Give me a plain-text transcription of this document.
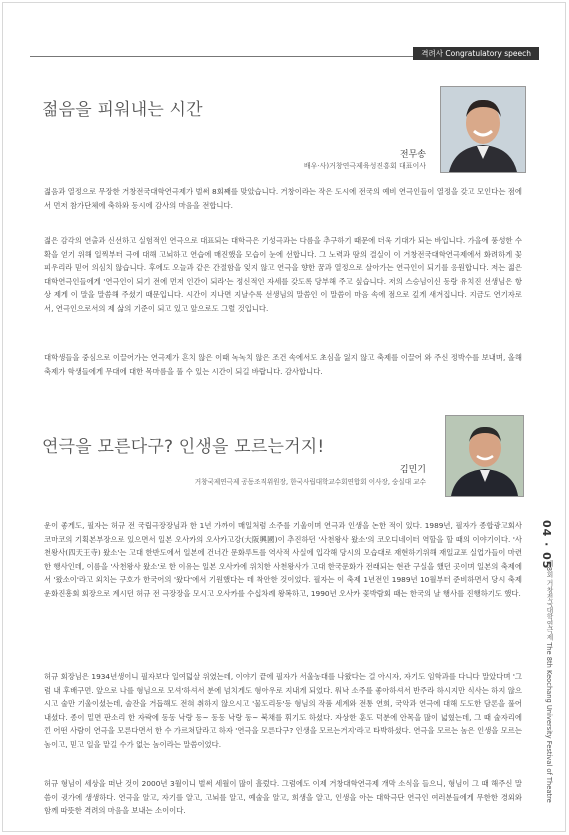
격려사 Congratulatory speech
젊음을 피워내는 시간
전무송
배우·사)거창연극제육성진흥회 대표이사

젊음과 열정으로 무장한 거창전국대학연극제가 벌써 8회째를 맞았습니다. 거창이라는 작은 도시에 전국의 예비 연극인들이 열정을 갖고 모인다는 점에서 먼저 참가단체에 축하와 동시에 감사의 마음을 전합니다.

젊은 감각의 연출과 신선하고 실험적인 연극으로 대표되는 대학극은 기성극과는 다름을 추구하기 때문에 더욱 기대가 되는 바입니다. 가을에 풍성한 수확을 얻기 위해 일찍부터 극에 대해 고뇌하고 연습에 매진했을 모습이 눈에 선합니다. 그 노력과 땀의 결실이 이 거창전국대학연극제에서 화려하게 꽃피우리라 믿어 의심치 않습니다. 후에도 오늘과 같은 간절함을 잊지 않고 연극을 향한 꿈과 열정으로 살아가는 연극인이 되기를 응원합니다. 저는 젊은 대학연극인들에게 '연극인이 되기 전에 먼저 인간이 되라'는 정신적인 자세를 갖도록 당부해 주고 싶습니다. 저의 스승님이신 동랑 유치진 선생님은 항상 제게 이 말을 말씀해 주셨기 때문입니다. 시간이 지나면 지날수록 선생님의 말씀인 이 말씀이 마음 속에 점으로 깊게 새겨집니다. 지금도 연기자로서, 연극인으로서의 제 삶의 기준이 되고 있고 앞으로도 그럴 것입니다.

대학생들을 중심으로 이끌어가는 연극제가 흔치 않은 이때 녹녹치 않은 조건 속에서도 초심을 잃지 않고 축제를 이끌어 와 주신 정박수를 보내며, 올해 축제가 학생들에게 무대에 대한 목마름을 풀 수 있는 시간이 되길 바랍니다. 감사합니다.

연극을 모른다구? 인생을 모르는거지!
김민기
거창국제연극제 공동조직위원장, 한국사립대학교수회연합회 이사장, 숭실대 교수

운이 좋게도, 필자는 허규 전 국립극장장님과 한 1년 가까이 매일처럼 소주를 기울이며 연극과 인생을 논한 적이 있다. 1989년, 필자가 종합광고회사 코마코의 기획본부장으로 있으면서 일본 오사카의 오사카고강(大阪興國)이 추진하던 '사천왕사 왔소'의 코오디네이터 역할을 할 때의 이야기이다. '사천왕사(四天王寺) 왔소'는 고대 한반도에서 일본에 건너간 문화루트를 역사적 사실에 입각해 당시의 모습대로 재현하기위해 재일교포 실업가들이 마련한 행사인데, 이름을 '사천왕사 왔소'로 한 이유는 일본 오사카에 위치한 사천왕사가 고대 한국문화가 전래되는 현관 구실을 했던 곳이며 일본의 축제에서 '왔소이'라고 외치는 구호가 한국어의 '왔다'에서 기원했다는 데 착안한 것이었다. 필자는 이 축제 1년전인 1989년 10월부터 준비하면서 당시 축제운화진흥회 회장으로 계시던 허규 전 극장장을 모시고 오사카를 수십차례 왕복하고, 1990년 오사카 꽃박람회 때는 한국의 날 행사를 진행하기도 했다.

허규 회장님은 1934년생이니 필자보다 일여덟살 위였는데, 이야기 끝에 필자가 서울농대를 나왔다는 걸 아시자, 자기도 임학과를 다니다 말았다며 '그럼 내 후배구먼. 앞으로 나를 형님으로 모셔'하셔서 분에 넘치게도 형아우로 지내게 되었다. 워낙 소주를 좋아하셔서 반주라 하시지만 식사는 하지 않으시고 술만 기울이셨는데, 술잔을 거듭해도 전혀 취하지 않으시고 '물도리동'등 형님의 작품 세계와 전통 연희, 국악과 연극에 대해 도도한 담론을 풀어내셨다. 종이 밑면 판소리 한 자락에 동동 낙랑 동~ 동동 낙랑 동~ 북채를 휘기도 하셨다. 자상한 훈도 덕분에 안목을 많이 넓혔는데, 그 때 술자리에 낀 어떤 사람이 연극을 모른다면서 한 수 가르쳐달라고 하자 '연극을 모른다구? 인생을 모르는거지'라고 타박하셨다. 연극을 모르는 놈은 인생을 모르는 놈이고, 믿고 일을 맡길 수가 없는 놈이라는 말씀이었다.

허규 형님이 세상을 떠난 것이 2000년 3월이니 벌써 세월이 많이 흘렀다. 그럼에도 이제 거창대학연극제 개막 소식을 들으니, 형님이 그 때 해주신 말씀이 귓가에 생생하다. 연극을 알고, 자기를 알고, 고뇌를 알고, 예술을 알고, 희생을 알고, 인생을 아는 대학극단 연극인 여러분들에게 무한한 경외와 함께 따뜻한 격려의 마음을 보내는 소이이다.

04 · 05
제8회 거창전국대학연극제 The 8th Keochang University Festival of Theatre
